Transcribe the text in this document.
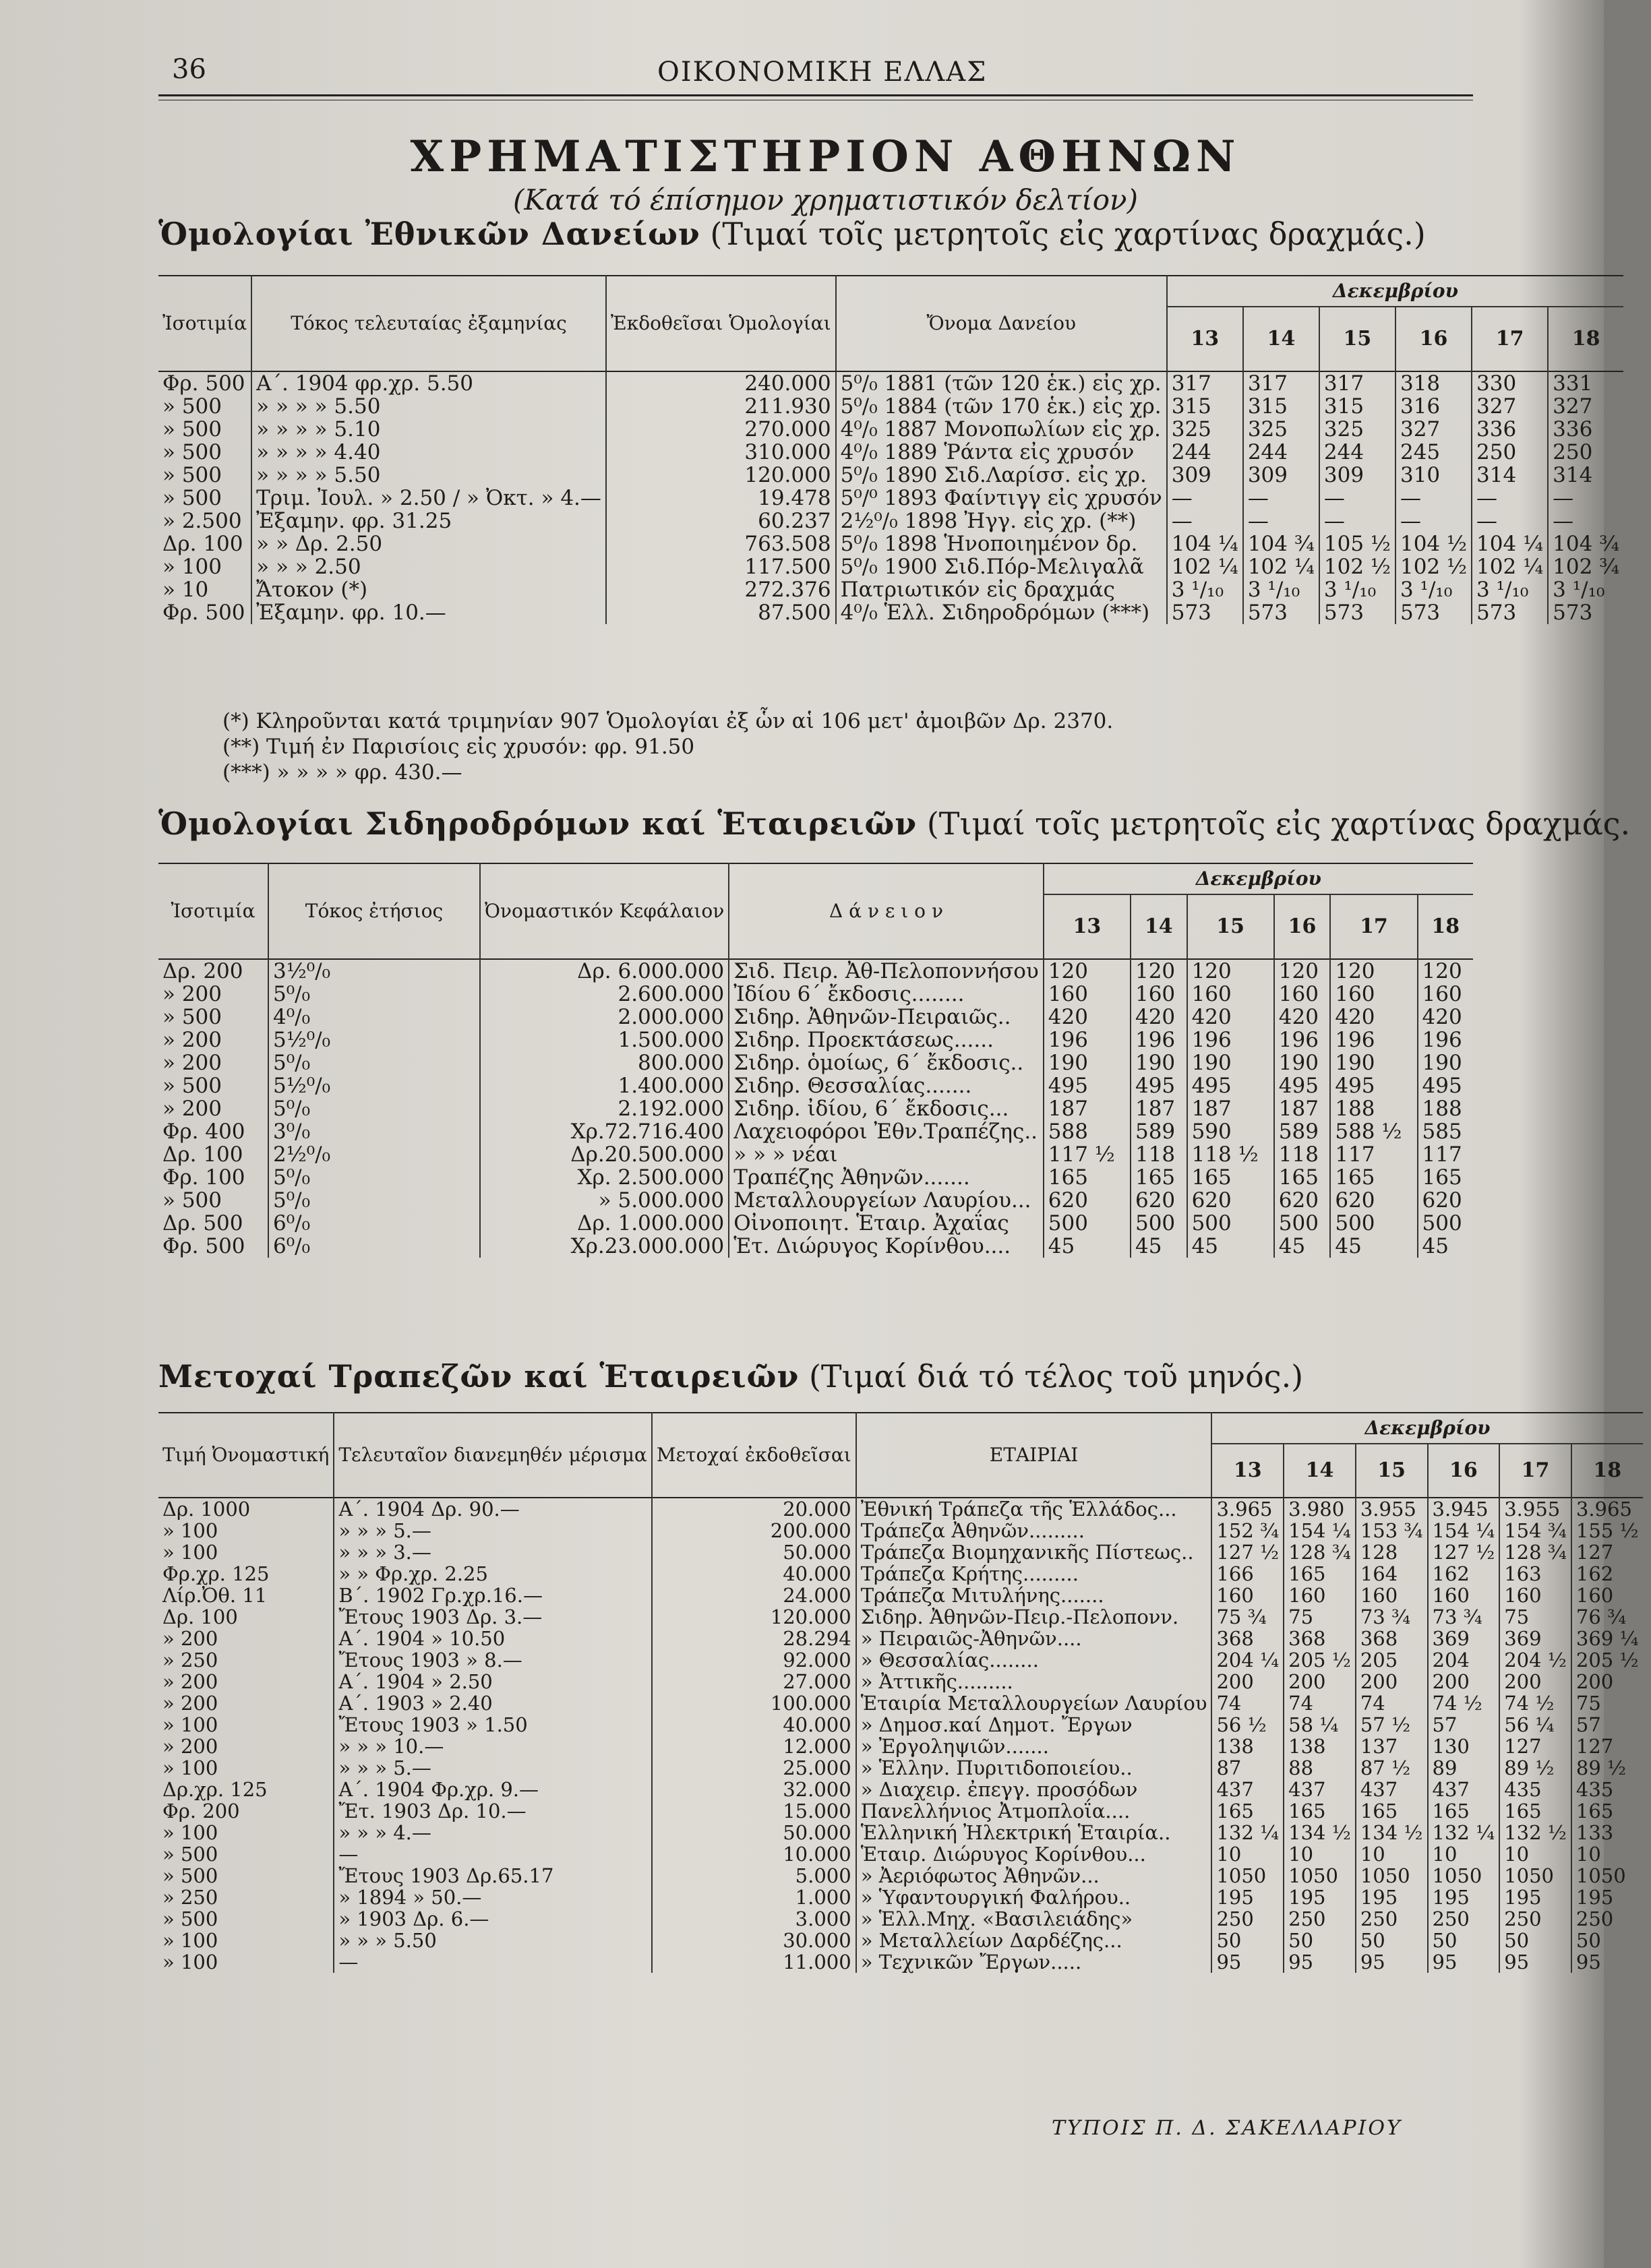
36	ΟΙΚΟΝΟΜΙΚΗ ΕΛΛΑΣ
ΧΡΗΜΑΤΙΣΤΗΡΙΟΝ ΑΘΗΝΩΝ
(Κατά τό έπίσημον χρηματιστικόν δελτίον)
Ὁμολογίαι Ἐθνικῶν Δανείων (Τιμαί τοῖς μετρητοῖς εἰς χαρτίνας δραχμάς.)
Ἰσοτιμία	Τόκος τελευταίας ἐξαμηνίας	Ἐκδοθεῖσαι Ὁμολογίαι	Ὄνομα Δανείου	Δεκεμβρίου					
				13	14	15	16	17	18
Φρ. 500	Α΄. 1904 φρ.χρ. 5.50	240.000	5⁰/₀ 1881 (τῶν 120 ἑκ.) εἰς χρ.	317	317	317	318	330	331
» 500	» » » » 5.50	211.930	5⁰/₀ 1884 (τῶν 170 ἑκ.) εἰς χρ.	315	315	315	316	327	327
» 500	» » » » 5.10	270.000	4⁰/₀ 1887 Μονοπωλίων εἰς χρ.	325	325	325	327	336	336
» 500	» » » » 4.40	310.000	4⁰/₀ 1889 Ῥάντα εἰς χρυσόν	244	244	244	245	250	250
» 500	» » » » 5.50	120.000	5⁰/₀ 1890 Σιδ.Λαρίσσ. εἰς χρ.	309	309	309	310	314	314
» 500	Τριμ. Ἰουλ. » 2.50 / » Ὀκτ. » 4.—	19.478	5⁰/⁰ 1893 Φαίντιγγ εἰς χρυσόν	—	—	—	—	—	—
» 2.500	Ἐξαμην. φρ. 31.25	60.237	2½⁰/₀ 1898 Ἠγγ. εἰς χρ. (**)	—	—	—	—	—	—
Δρ. 100	» » Δρ. 2.50	763.508	5⁰/₀ 1898 Ἡνοποιημένον δρ.	104 ¼	104 ¾	105 ½	104 ½	104 ¼	104 ¾
» 100	» » » 2.50	117.500	5⁰/₀ 1900 Σιδ.Πόρ-Μελιγαλᾶ	102 ¼	102 ¼	102 ½	102 ½	102 ¼	102 ¾
» 10	Ἄτοκον (*)	272.376	Πατριωτικόν εἰς δραχμάς	3 ¹/₁₀	3 ¹/₁₀	3 ¹/₁₀	3 ¹/₁₀	3 ¹/₁₀	3 ¹/₁₀
Φρ. 500	Ἐξαμην. φρ. 10.—	87.500	4⁰/₀ Ἑλλ. Σιδηροδρόμων (***)	573	573	573	573	573	573
(*) Κληροῦνται κατά τριμηνίαν 907 Ὁμολογίαι ἐξ ὧν αἱ 106 μετ' ἀμοιβῶν Δρ. 2370.
(**) Τιμή ἐν Παρισίοις εἰς χρυσόν: φρ. 91.50
(***) » » » » φρ. 430.—
Ὁμολογίαι Σιδηροδρόμων καί Ἑταιρειῶν (Τιμαί τοῖς μετρητοῖς εἰς χαρτίνας δραχμάς.
Ἰσοτιμία	Τόκος ἐτήσιος	Ὀνομαστικόν Κεφάλαιον	Δ ά ν ε ι ο ν	Δεκεμβρίου					
				13	14	15	16	17	18
Δρ. 200	3½⁰/₀	Δρ. 6.000.000	Σιδ. Πειρ. Ἀθ-Πελοποννήσου	120	120	120	120	120	120
» 200	5⁰/₀	2.600.000	Ἰδίου 6΄ ἔκδοσις........	160	160	160	160	160	160
» 500	4⁰/₀	2.000.000	Σιδηρ. Ἀθηνῶν-Πειραιῶς..	420	420	420	420	420	420
» 200	5½⁰/₀	1.500.000	Σιδηρ. Προεκτάσεως......	196	196	196	196	196	196
» 200	5⁰/₀	800.000	Σιδηρ. ὁμοίως, 6΄ ἔκδοσις..	190	190	190	190	190	190
» 500	5½⁰/₀	1.400.000	Σιδηρ. Θεσσαλίας.......	495	495	495	495	495	495
» 200	5⁰/₀	2.192.000	Σιδηρ. ἰδίου, 6΄ ἔκδοσις...	187	187	187	187	188	188
Φρ. 400	3⁰/₀	Χρ.72.716.400	Λαχειοφόροι Ἐθν.Τραπέζης..	588	589	590	589	588 ½	585
Δρ. 100	2½⁰/₀	Δρ.20.500.000	» » » νέαι	117 ½	118	118 ½	118	117	117
Φρ. 100	5⁰/₀	Χρ. 2.500.000	Τραπέζης Ἀθηνῶν.......	165	165	165	165	165	165
» 500	5⁰/₀	» 5.000.000	Μεταλλουργείων Λαυρίου...	620	620	620	620	620	620
Δρ. 500	6⁰/₀	Δρ. 1.000.000	Οἰνοποιητ. Ἑταιρ. Ἀχαΐας	500	500	500	500	500	500
Φρ. 500	6⁰/₀	Χρ.23.000.000	Ἑτ. Διώρυγος Κορίνθου....	45	45	45	45	45	45
Μετοχαί Τραπεζῶν καί Ἑταιρειῶν (Τιμαί διά τό τέλος τοῦ μηνός.)
Τιμή Ὀνομαστική	Τελευταῖον διανεμηθέν μέρισμα	Μετοχαί ἐκδοθεῖσαι	ΕΤΑΙΡΙΑΙ	Δεκεμβρίου					
				13	14	15	16	17	18
Δρ. 1000	Α΄. 1904 Δρ. 90.—	20.000	Ἐθνική Τράπεζα τῆς Ἑλλάδος...	3.965	3.980	3.955	3.945	3.955	3.965
» 100	» » » 5.—	200.000	Τράπεζα Ἀθηνῶν.........	152 ¾	154 ¼	153 ¾	154 ¼	154 ¾	155 ½
» 100	» » » 3.—	50.000	Τράπεζα Βιομηχανικῆς Πίστεως..	127 ½	128 ¾	128	127 ½	128 ¾	127
Φρ.χρ. 125	» » Φρ.χρ. 2.25	40.000	Τράπεζα Κρήτης.........	166	165	164	162	163	162
Λίρ.Ὀθ. 11	Β΄. 1902 Γρ.χρ.16.—	24.000	Τράπεζα Μιτυλήνης.......	160	160	160	160	160	160
Δρ. 100	Ἔτους 1903 Δρ. 3.—	120.000	Σιδηρ. Ἀθηνῶν-Πειρ.-Πελοπονν.	75 ¾	75	73 ¾	73 ¾	75	76 ¾
» 200	Α΄. 1904 » 10.50	28.294	» Πειραιῶς-Ἀθηνῶν....	368	368	368	369	369	369 ¼
» 250	Ἔτους 1903 » 8.—	92.000	» Θεσσαλίας........	204 ¼	205 ½	205	204	204 ½	205 ½
» 200	Α΄. 1904 » 2.50	27.000	» Ἀττικῆς.........	200	200	200	200	200	200
» 200	Α΄. 1903 » 2.40	100.000	Ἑταιρία Μεταλλουργείων Λαυρίου	74	74	74	74 ½	74 ½	75
» 100	Ἔτους 1903 » 1.50	40.000	» Δημοσ.καί Δημοτ. Ἔργων	56 ½	58 ¼	57 ½	57	56 ¼	57
» 200	» » » 10.—	12.000	» Ἐργοληψιῶν.......	138	138	137	130	127	127
» 100	» » » 5.—	25.000	» Ἑλλην. Πυριτιδοποιείου..	87	88	87 ½	89	89 ½	89 ½
Δρ.χρ. 125	Α΄. 1904 Φρ.χρ. 9.—	32.000	» Διαχειρ. ἐπεγγ. προσόδων	437	437	437	437	435	435
Φρ. 200	Ἔτ. 1903 Δρ. 10.—	15.000	Πανελλήνιος Ἀτμοπλοΐα....	165	165	165	165	165	165
» 100	» » » 4.—	50.000	Ἑλληνική Ἠλεκτρική Ἑταιρία..	132 ¼	134 ½	134 ½	132 ¼	132 ½	133
» 500	—	10.000	Ἑταιρ. Διώρυγος Κορίνθου...	10	10	10	10	10	10
» 500	Ἔτους 1903 Δρ.65.17	5.000	» Ἀεριόφωτος Ἀθηνῶν...	1050	1050	1050	1050	1050	1050
» 250	» 1894 » 50.—	1.000	» Ὑφαντουργική Φαλήρου..	195	195	195	195	195	195
» 500	» 1903 Δρ. 6.—	3.000	» Ἑλλ.Μηχ. «Βασιλειάδης»	250	250	250	250	250	250
» 100	» » » 5.50	30.000	» Μεταλλείων Δαρδέζης...	50	50	50	50	50	50
» 100	—	11.000	» Τεχνικῶν Ἔργων.....	95	95	95	95	95	95
ΤΥΠΟΙΣ Π. Δ. ΣΑΚΕΛΛΑΡΙΟΥ
